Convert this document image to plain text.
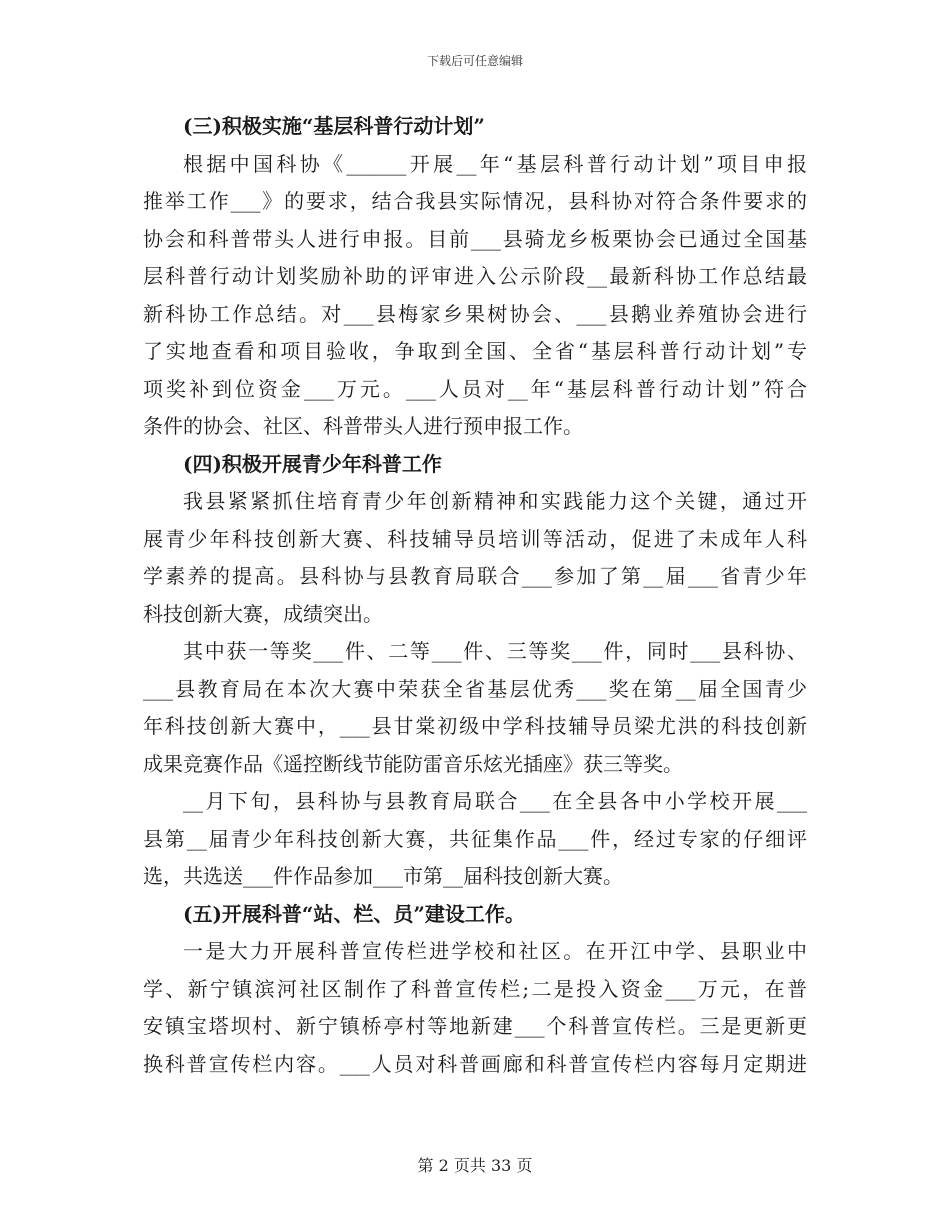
下载后可任意编辑
(三)积极实施“基层科普行动计划”
根据中国科协《______开展__年“基层科普行动计划”项目申报
推举工作___》的要求，结合我县实际情况，县科协对符合条件要求的
协会和科普带头人进行申报。目前___县骑龙乡板栗协会已通过全国基
层科普行动计划奖励补助的评审进入公示阶段__最新科协工作总结最
新科协工作总结。对___县梅家乡果树协会、___县鹅业养殖协会进行
了实地查看和项目验收，争取到全国、全省“基层科普行动计划”专
项奖补到位资金___万元。___人员对__年“基层科普行动计划”符合
条件的协会、社区、科普带头人进行预申报工作。
(四)积极开展青少年科普工作
我县紧紧抓住培育青少年创新精神和实践能力这个关键，通过开
展青少年科技创新大赛、科技辅导员培训等活动，促进了未成年人科
学素养的提高。县科协与县教育局联合___参加了第__届___省青少年
科技创新大赛，成绩突出。
其中获一等奖___件、二等___件、三等奖___件，同时___县科协、
___县教育局在本次大赛中荣获全省基层优秀___奖在第__届全国青少
年科技创新大赛中，___县甘棠初级中学科技辅导员梁尤洪的科技创新
成果竞赛作品《遥控断线节能防雷音乐炫光插座》获三等奖。
__月下旬，县科协与县教育局联合___在全县各中小学校开展___
县第__届青少年科技创新大赛，共征集作品___件，经过专家的仔细评
选，共选送___件作品参加___市第__届科技创新大赛。
(五)开展科普“站、栏、员”建设工作。
一是大力开展科普宣传栏进学校和社区。在开江中学、县职业中
学、新宁镇滨河社区制作了科普宣传栏;二是投入资金___万元，在普
安镇宝塔坝村、新宁镇桥亭村等地新建___个科普宣传栏。三是更新更
换科普宣传栏内容。___人员对科普画廊和科普宣传栏内容每月定期进
第 2 页共 33 页
